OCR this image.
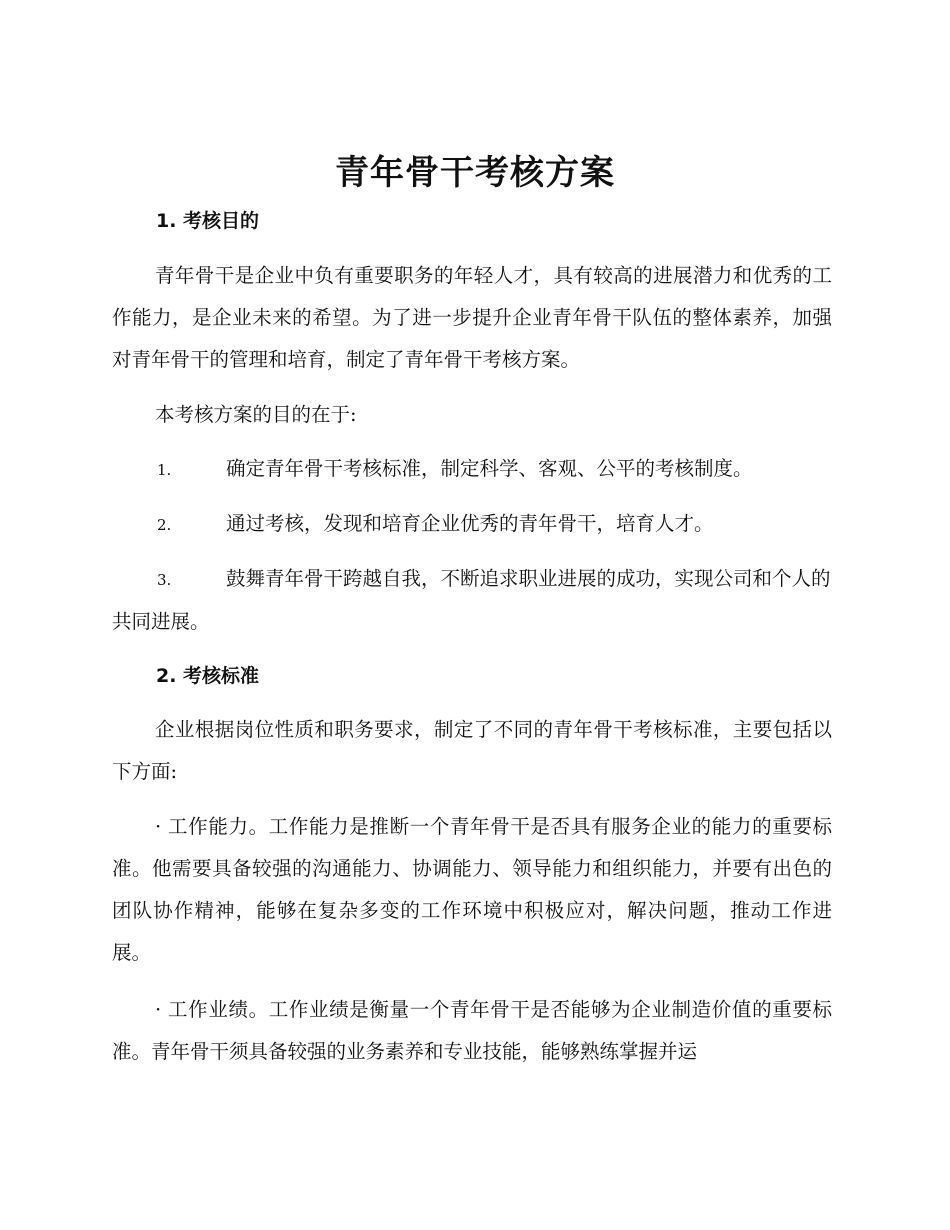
青年骨干考核方案
1. 考核目的

青年骨干是企业中负有重要职务的年轻人才，具有较高的进展潜力和优秀的工作能力，是企业未来的希望。为了进一步提升企业青年骨干队伍的整体素养，加强对青年骨干的管理和培育，制定了青年骨干考核方案。

本考核方案的目的在于:

1.	确定青年骨干考核标准，制定科学、客观、公平的考核制度。

2.	通过考核，发现和培育企业优秀的青年骨干，培育人才。

3.	鼓舞青年骨干跨越自我，不断追求职业进展的成功，实现公司和个人的共同进展。

2. 考核标准

企业根据岗位性质和职务要求，制定了不同的青年骨干考核标准，主要包括以下方面:

· 工作能力。工作能力是推断一个青年骨干是否具有服务企业的能力的重要标准。他需要具备较强的沟通能力、协调能力、领导能力和组织能力，并要有出色的团队协作精神，能够在复杂多变的工作环境中积极应对，解决问题，推动工作进展。

· 工作业绩。工作业绩是衡量一个青年骨干是否能够为企业制造价值的重要标准。青年骨干须具备较强的业务素养和专业技能，能够熟练掌握并运
